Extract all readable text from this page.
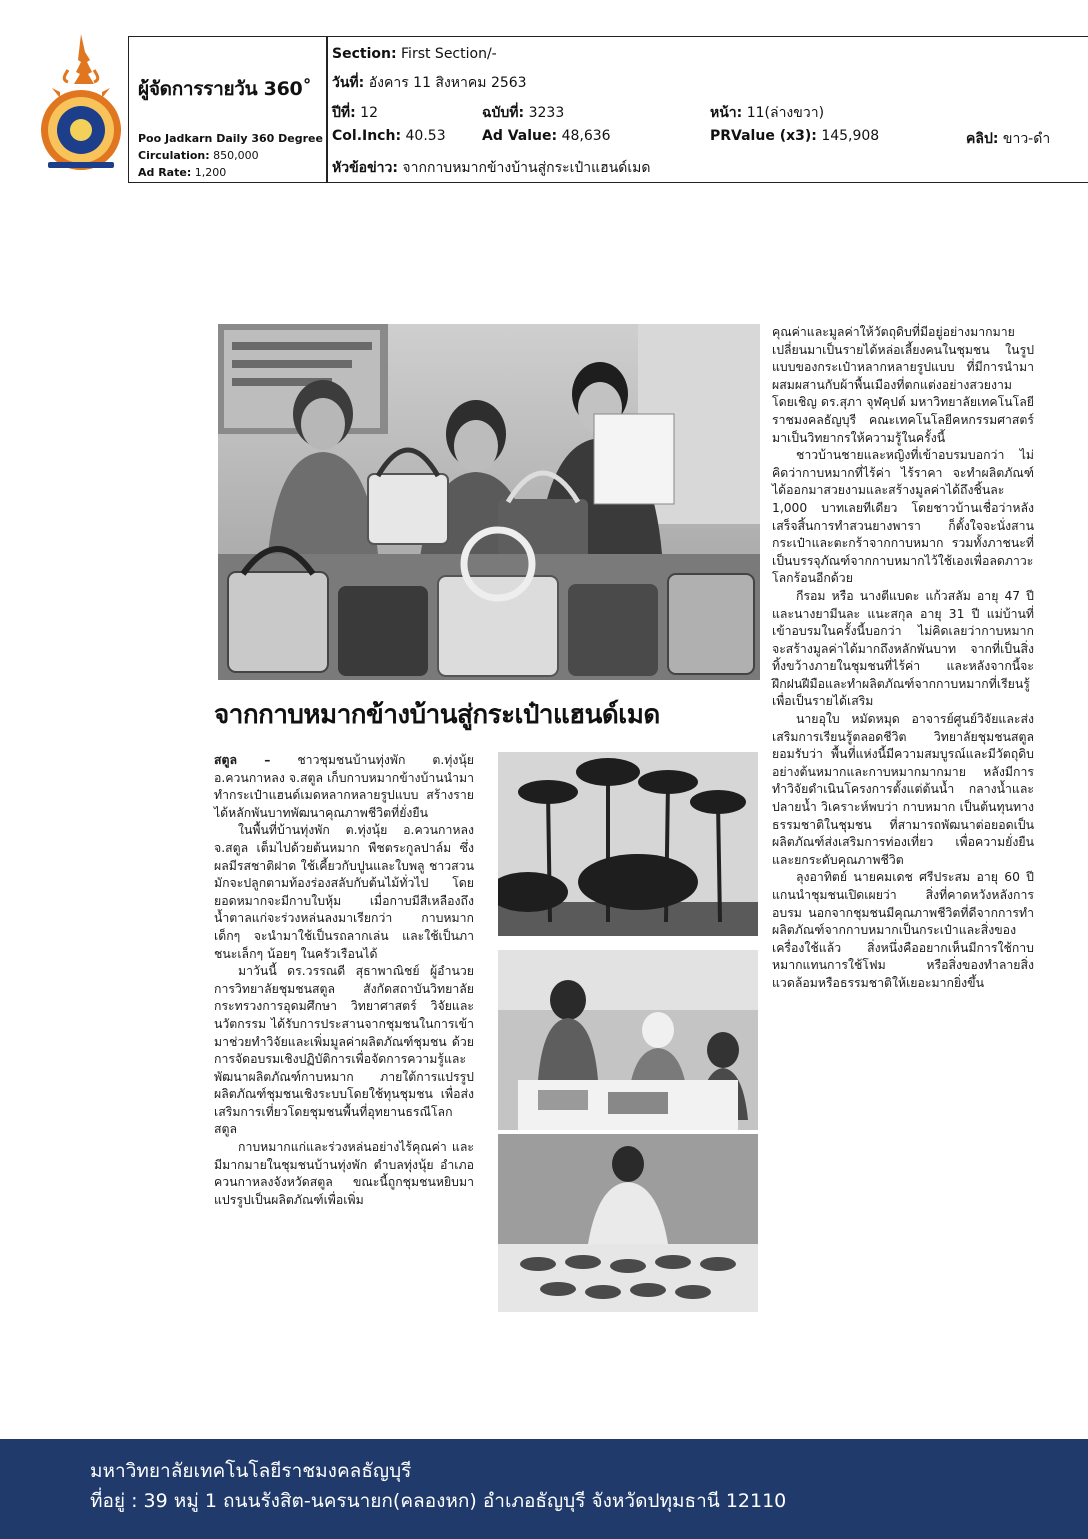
ผู้จัดการรายวัน 360˚
Poo Jadkarn Daily 360 Degree
Circulation: 850,000
Ad Rate: 1,200
Section: First Section/-
วันที่: อังคาร 11 สิงหาคม 2563
ปีที่: 12	ฉบับที่: 3233	หน้า: 11(ล่างขวา)
Col.Inch: 40.53	Ad Value: 48,636	PRValue (x3): 145,908	คลิป: ขาว-ดำ
หัวข้อข่าว: จากกาบหมากข้างบ้านสู่กระเป๋าแฮนด์เมด
จากกาบหมากข้างบ้านสู่กระเป๋าแฮนด์เมด

สตูล – ชาวชุมชนบ้านทุ่งพัก ต.ทุ่งนุ้ย อ.ควนกาหลง จ.สตูล เก็บกาบหมากข้างบ้านนำมาทำกระเป๋าแฮนด์เมดหลากหลายรูปแบบ สร้างรายได้หลักพันบาทพัฒนาคุณภาพชีวิตที่ยั่งยืน

ในพื้นที่บ้านทุ่งพัก ต.ทุ่งนุ้ย อ.ควนกาหลง จ.สตูล เต็มไปด้วยต้นหมาก พืชตระกูลปาล์ม ซึ่งผลมีรสชาติฝาด ใช้เคี้ยวกับปูนและใบพลู ชาวสวนมักจะปลูกตามท้องร่องสลับกับต้นไม้ทั่วไป โดยยอดหมากจะมีกาบใบหุ้ม เมื่อกาบมีสีเหลืองถึงน้ำตาลแก่จะร่วงหล่นลงมาเรียกว่า กาบหมาก เด็กๆ จะนำมาใช้เป็นรถลากเล่น และใช้เป็นภาชนะเล็กๆ น้อยๆ ในครัวเรือนได้

มาวันนี้ ดร.วรรณดี สุธาพาณิชย์ ผู้อำนวยการวิทยาลัยชุมชนสตูล สังกัดสถาบันวิทยาลัย กระทรวงการอุดมศึกษา วิทยาศาสตร์ วิจัยและนวัตกรรม ได้รับการประสานจากชุมชนในการเข้ามาช่วยทำวิจัยและเพิ่มมูลค่าผลิตภัณฑ์ชุมชน ด้วยการจัดอบรมเชิงปฏิบัติการเพื่อจัดการความรู้และพัฒนาผลิตภัณฑ์กาบหมาก ภายใต้การแปรรูปผลิตภัณฑ์ชุมชนเชิงระบบโดยใช้ทุนชุมชน เพื่อส่งเสริมการเที่ยวโดยชุมชนพื้นที่อุทยานธรณีโลกสตูล

กาบหมากแก่และร่วงหล่นอย่างไร้คุณค่า และมีมากมายในชุมชนบ้านทุ่งพัก ตำบลทุ่งนุ้ย อำเภอควนกาหลงจังหวัดสตูล ขณะนี้ถูกชุมชนหยิบมาแปรรูปเป็นผลิตภัณฑ์เพื่อเพิ่ม

คุณค่าและมูลค่าให้วัตถุดิบที่มีอยู่อย่างมากมาย เปลี่ยนมาเป็นรายได้หล่อเลี้ยงคนในชุมชน ในรูปแบบของกระเป๋าหลากหลายรูปแบบ ที่มีการนำมาผสมผสานกับผ้าพื้นเมืองที่ตกแต่งอย่างสวยงาม โดยเชิญ ดร.สุภา จุฬคุปต์ มหาวิทยาลัยเทคโนโลยีราชมงคลธัญบุรี คณะเทคโนโลยีคหกรรมศาสตร์ มาเป็นวิทยากรให้ความรู้ในครั้งนี้

ชาวบ้านชายและหญิงที่เข้าอบรมบอกว่า ไม่คิดว่ากาบหมากที่ไร้ค่า ไร้ราคา จะทำผลิตภัณฑ์ได้ออกมาสวยงามและสร้างมูลค่าได้ถึงชิ้นละ 1,000 บาทเลยทีเดียว โดยชาวบ้านเชื่อว่าหลังเสร็จสิ้นการทำสวนยางพารา ก็ตั้งใจจะนั่งสานกระเป๋าและตะกร้าจากกาบหมาก รวมทั้งภาชนะที่เป็นบรรจุภัณฑ์จากกาบหมากไว้ใช้เองเพื่อลดภาวะโลกร้อนอีกด้วย

กีรอม หรือ นางตีแบดะ แก้วสลัม อายุ 47 ปี และนางยามีนละ แนะสกุล อายุ 31 ปี แม่บ้านที่เข้าอบรมในครั้งนี้บอกว่า ไม่คิดเลยว่ากาบหมากจะสร้างมูลค่าได้มากถึงหลักพันบาท จากที่เป็นสิ่งทิ้งขว้างภายในชุมชนที่ไร้ค่า และหลังจากนี้จะฝึกฝนฝีมือและทำผลิตภัณฑ์จากกาบหมากที่เรียนรู้เพื่อเป็นรายได้เสริม

นายอุใบ หมัดหมุด อาจารย์ศูนย์วิจัยและส่งเสริมการเรียนรู้ตลอดชีวิต วิทยาลัยชุมชนสตูล ยอมรับว่า พื้นที่แห่งนี้มีความสมบูรณ์และมีวัตถุดิบอย่างต้นหมากและกาบหมากมากมาย หลังมีการทำวิจัยดำเนินโครงการตั้งแต่ต้นน้ำ กลางน้ำและปลายน้ำ วิเคราะห์พบว่า กาบหมาก เป็นต้นทุนทางธรรมชาติในชุมชน ที่สามารถพัฒนาต่อยอดเป็นผลิตภัณฑ์ส่งเสริมการท่องเที่ยว เพื่อความยั่งยืนและยกระดับคุณภาพชีวิต

ลุงอาทิตย์ นายคมเดช ศรีประสม อายุ 60 ปี แกนนำชุมชนเปิดเผยว่า สิ่งที่คาดหวังหลังการอบรม นอกจากชุมชนมีคุณภาพชีวิตที่ดีจากการทำผลิตภัณฑ์จากกาบหมากเป็นกระเป๋าและสิ่งของเครื่องใช้แล้ว สิ่งหนึ่งคืออยากเห็นมีการใช้กาบหมากแทนการใช้โฟม หรือสิ่งของทำลายสิ่งแวดล้อมหรือธรรมชาติให้เยอะมากยิ่งขึ้น

มหาวิทยาลัยเทคโนโลยีราชมงคลธัญบุรี
ที่อยู่ : 39 หมู่ 1 ถนนรังสิต-นครนายก(คลองหก) อำเภอธัญบุรี จังหวัดปทุมธานี 12110
